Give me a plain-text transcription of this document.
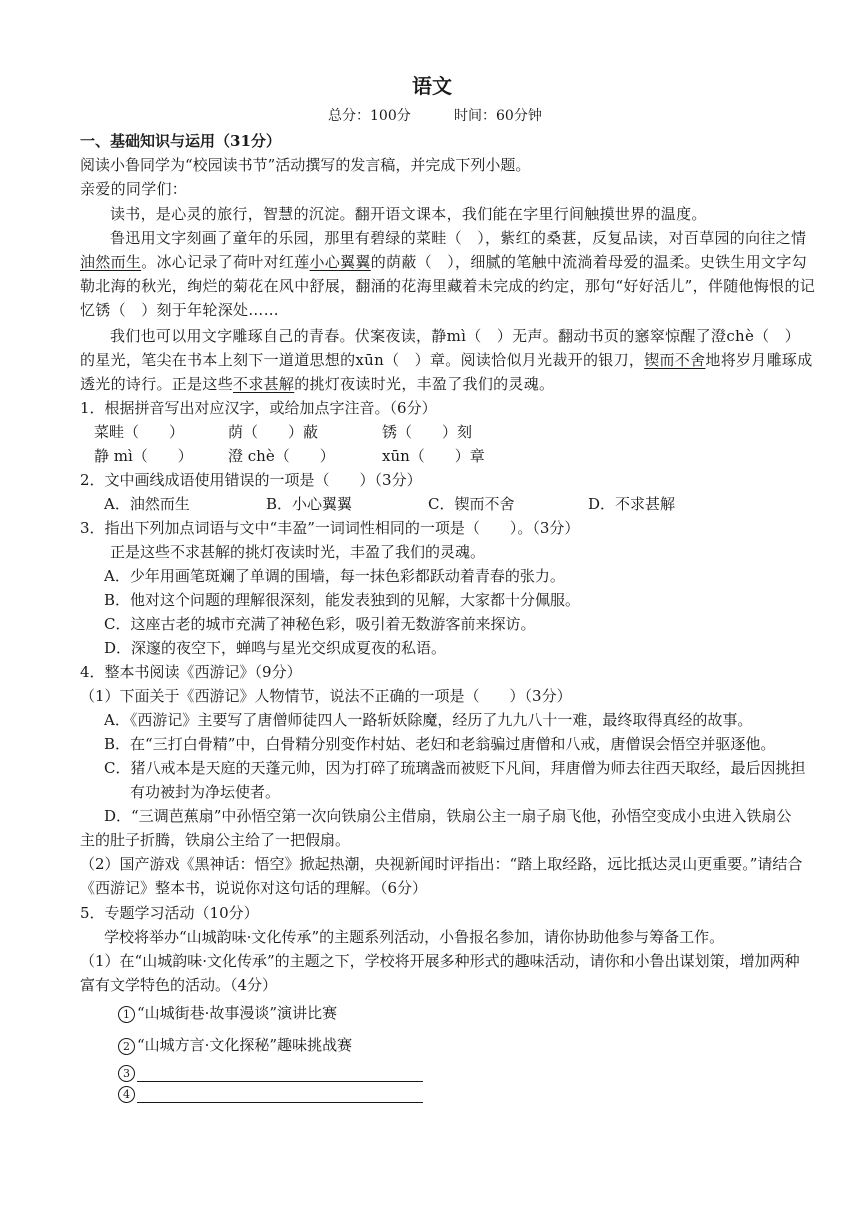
语文
总分：100分	时间：60分钟
一、基础知识与运用（31分）
阅读小鲁同学为“校园读书节”活动撰写的发言稿，并完成下列小题。
亲爱的同学们：
读书，是心灵的旅行，智慧的沉淀。翻开语文课本，我们能在字里行间触摸世界的温度。
鲁迅用文字刻画了童年的乐园，那里有碧绿的菜畦（　），紫红的桑葚，反复品读，对百草园的向往之情
油然而生。冰心记录了荷叶对红莲小心翼翼的荫蔽（　），细腻的笔触中流淌着母爱的温柔。史铁生用文字勾
勒北海的秋光，绚烂的菊花在风中舒展，翻涌的花海里藏着未完成的约定，那句“好好活儿”，伴随他悔恨的记
忆锈（　）刻于年轮深处……
我们也可以用文字雕琢自己的青春。伏案夜读，静mì（　）无声。翻动书页的窸窣惊醒了澄chè（　）
的星光，笔尖在书本上刻下一道道思想的xūn（　）章。阅读恰似月光裁开的银刀，锲而不舍地将岁月雕琢成
透光的诗行。正是这些不求甚解的挑灯夜读时光，丰盈了我们的灵魂。
1．根据拼音写出对应汉字，或给加点字注音。（6分）
菜畦（　　）	荫（　　）蔽	锈（　　）刻
静 mì（　　） 澄 chè（　　）	xūn（　　）章
2．文中画线成语使用错误的一项是（　　）（3分）
A．油然而生	B．小心翼翼	C．锲而不舍	D．不求甚解
3．指出下列加点词语与文中“丰盈”一词词性相同的一项是（　　）。（3分）
正是这些不求甚解的挑灯夜读时光，丰盈了我们的灵魂。
A．少年用画笔斑斓了单调的围墙，每一抹色彩都跃动着青春的张力。
B．他对这个问题的理解很深刻，能发表独到的见解，大家都十分佩服。
C．这座古老的城市充满了神秘色彩，吸引着无数游客前来探访。
D．深邃的夜空下，蝉鸣与星光交织成夏夜的私语。
4．整本书阅读《西游记》（9分）
（1）下面关于《西游记》人物情节，说法不正确的一项是（　　）（3分）
A．《西游记》主要写了唐僧师徒四人一路斩妖除魔，经历了九九八十一难，最终取得真经的故事。
B．在“三打白骨精”中，白骨精分别变作村姑、老妇和老翁骗过唐僧和八戒，唐僧误会悟空并驱逐他。
C．猪八戒本是天庭的天蓬元帅，因为打碎了琉璃盏而被贬下凡间，拜唐僧为师去往西天取经，最后因挑担
有功被封为净坛使者。
D．“三调芭蕉扇”中孙悟空第一次向铁扇公主借扇，铁扇公主一扇子扇飞他，孙悟空变成小虫进入铁扇公
主的肚子折腾，铁扇公主给了一把假扇。
（2）国产游戏《黑神话：悟空》掀起热潮，央视新闻时评指出：“踏上取经路，远比抵达灵山更重要。”请结合
《西游记》整本书，说说你对这句话的理解。（6分）
5．专题学习活动（10分）
学校将举办“山城韵味·文化传承”的主题系列活动，小鲁报名参加，请你协助他参与筹备工作。
（1）在“山城韵味·文化传承”的主题之下，学校将开展多种形式的趣味活动，请你和小鲁出谋划策，增加两种
富有文学特色的活动。（4分）
1 “山城街巷·故事漫谈”演讲比赛
2 “山城方言·文化探秘”趣味挑战赛
3
4
